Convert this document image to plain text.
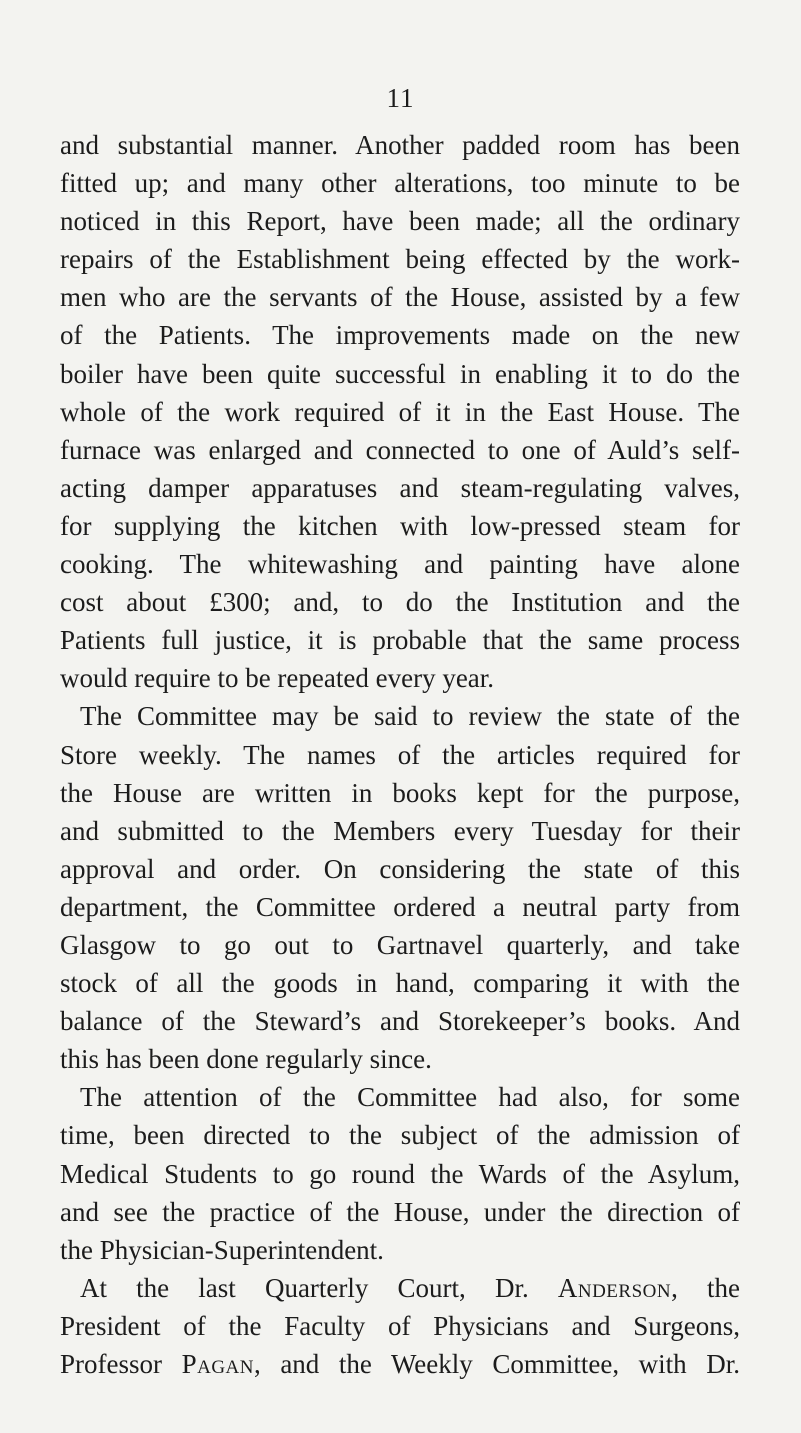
11
and substantial manner. Another padded room has been
fitted up; and many other alterations, too minute to be
noticed in this Report, have been made; all the ordinary
repairs of the Establishment being effected by the work-
men who are the servants of the House, assisted by a few
of the Patients. The improvements made on the new
boiler have been quite successful in enabling it to do the
whole of the work required of it in the East House. The
furnace was enlarged and connected to one of Auld’s self-
acting damper apparatuses and steam-regulating valves,
for supplying the kitchen with low-pressed steam for
cooking. The whitewashing and painting have alone
cost about £300; and, to do the Institution and the
Patients full justice, it is probable that the same process
would require to be repeated every year.
The Committee may be said to review the state of the
Store weekly. The names of the articles required for
the House are written in books kept for the purpose,
and submitted to the Members every Tuesday for their
approval and order. On considering the state of this
department, the Committee ordered a neutral party from
Glasgow to go out to Gartnavel quarterly, and take
stock of all the goods in hand, comparing it with the
balance of the Steward’s and Storekeeper’s books. And
this has been done regularly since.
The attention of the Committee had also, for some
time, been directed to the subject of the admission of
Medical Students to go round the Wards of the Asylum,
and see the practice of the House, under the direction of
the Physician-Superintendent.
At the last Quarterly Court, Dr. Anderson, the
President of the Faculty of Physicians and Surgeons,
Professor Pagan, and the Weekly Committee, with Dr.
